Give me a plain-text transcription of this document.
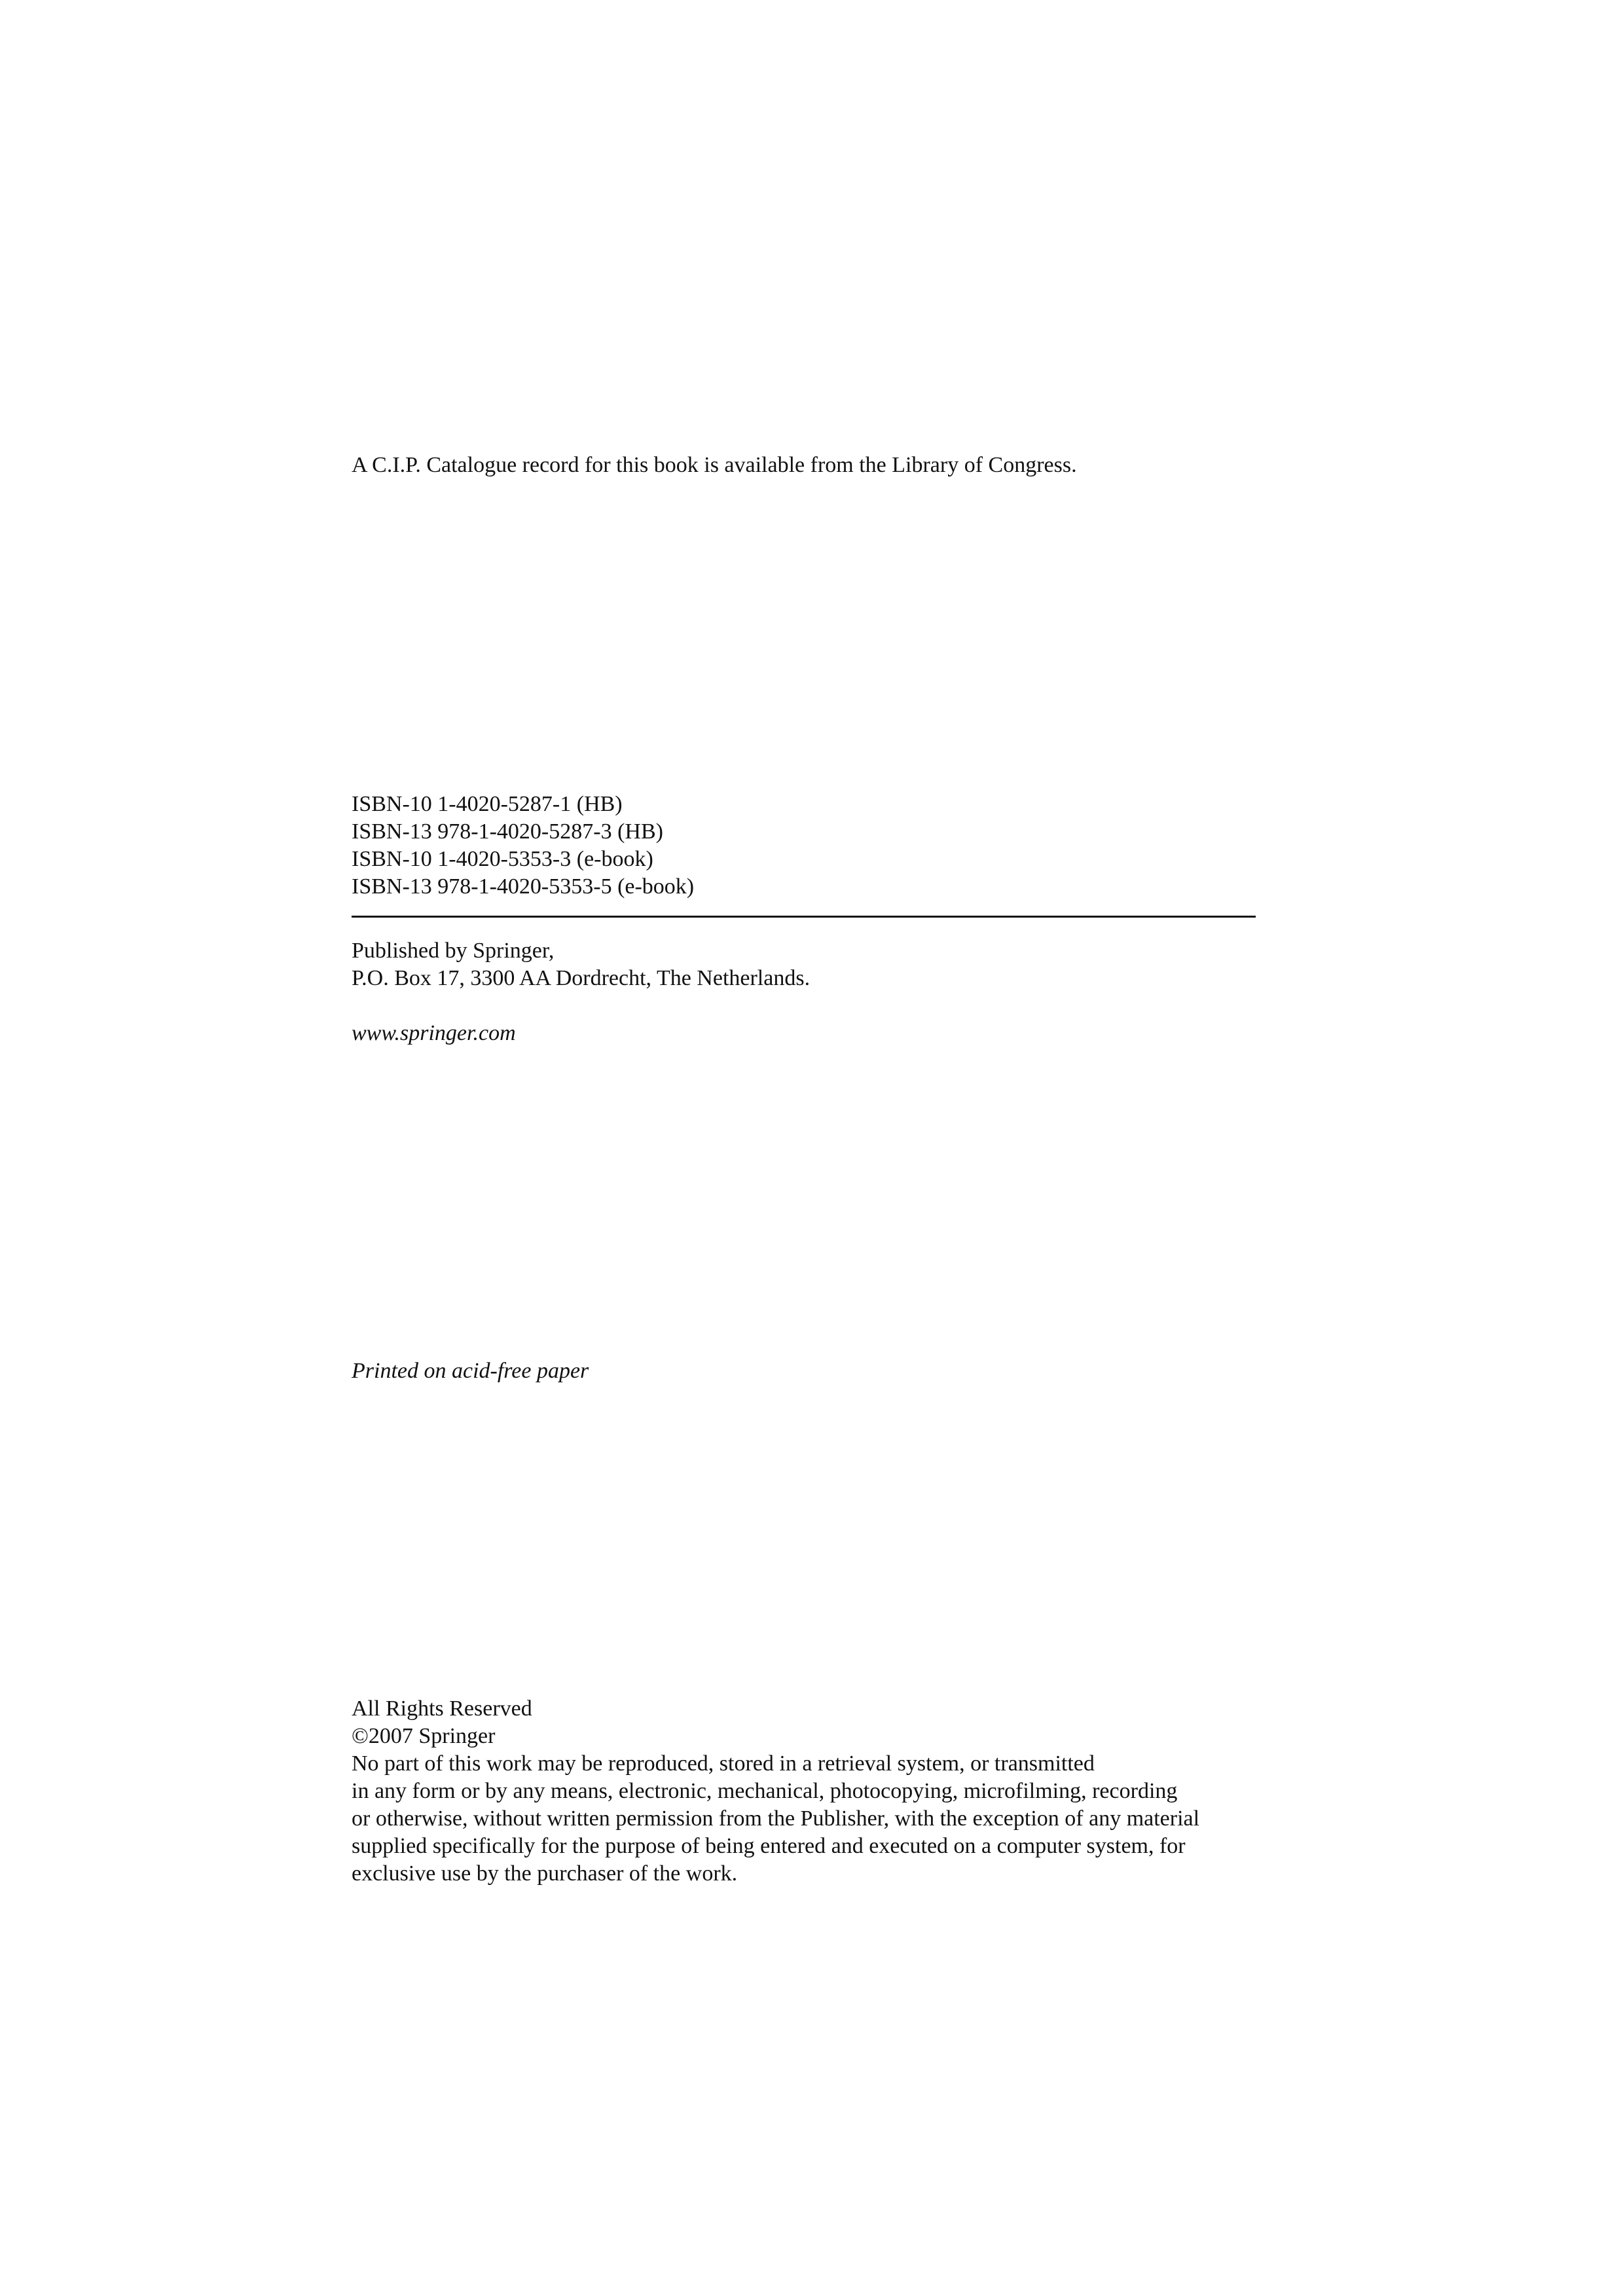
A C.I.P. Catalogue record for this book is available from the Library of Congress.

ISBN-10 1-4020-5287-1 (HB)
ISBN-13 978-1-4020-5287-3 (HB)
ISBN-10 1-4020-5353-3 (e-book)
ISBN-13 978-1-4020-5353-5 (e-book)
Published by Springer,
P.O. Box 17, 3300 AA Dordrecht, The Netherlands.
www.springer.com
Printed on acid-free paper
All Rights Reserved
©2007 Springer
No part of this work may be reproduced, stored in a retrieval system, or transmitted
in any form or by any means, electronic, mechanical, photocopying, microfilming, recording
or otherwise, without written permission from the Publisher, with the exception of any material
supplied specifically for the purpose of being entered and executed on a computer system, for
exclusive use by the purchaser of the work.
